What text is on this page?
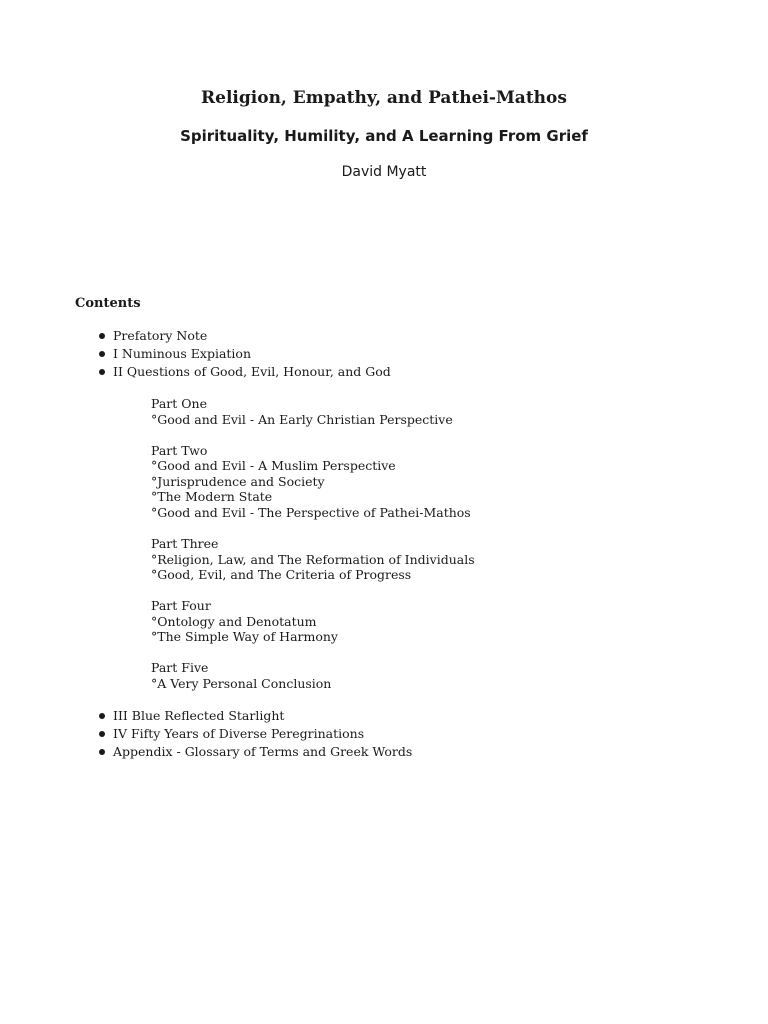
Religion, Empathy, and Pathei-Mathos
Spirituality, Humility, and A Learning From Grief
David Myatt
Contents
Prefatory Note
I Numinous Expiation
II Questions of Good, Evil, Honour, and God
Part One
°Good and Evil - An Early Christian Perspective
Part Two
°Good and Evil - A Muslim Perspective
°Jurisprudence and Society
°The Modern State
°Good and Evil - The Perspective of Pathei-Mathos
Part Three
°Religion, Law, and The Reformation of Individuals
°Good, Evil, and The Criteria of Progress
Part Four
°Ontology and Denotatum
°The Simple Way of Harmony
Part Five
°A Very Personal Conclusion
III Blue Reflected Starlight
IV Fifty Years of Diverse Peregrinations
Appendix - Glossary of Terms and Greek Words
